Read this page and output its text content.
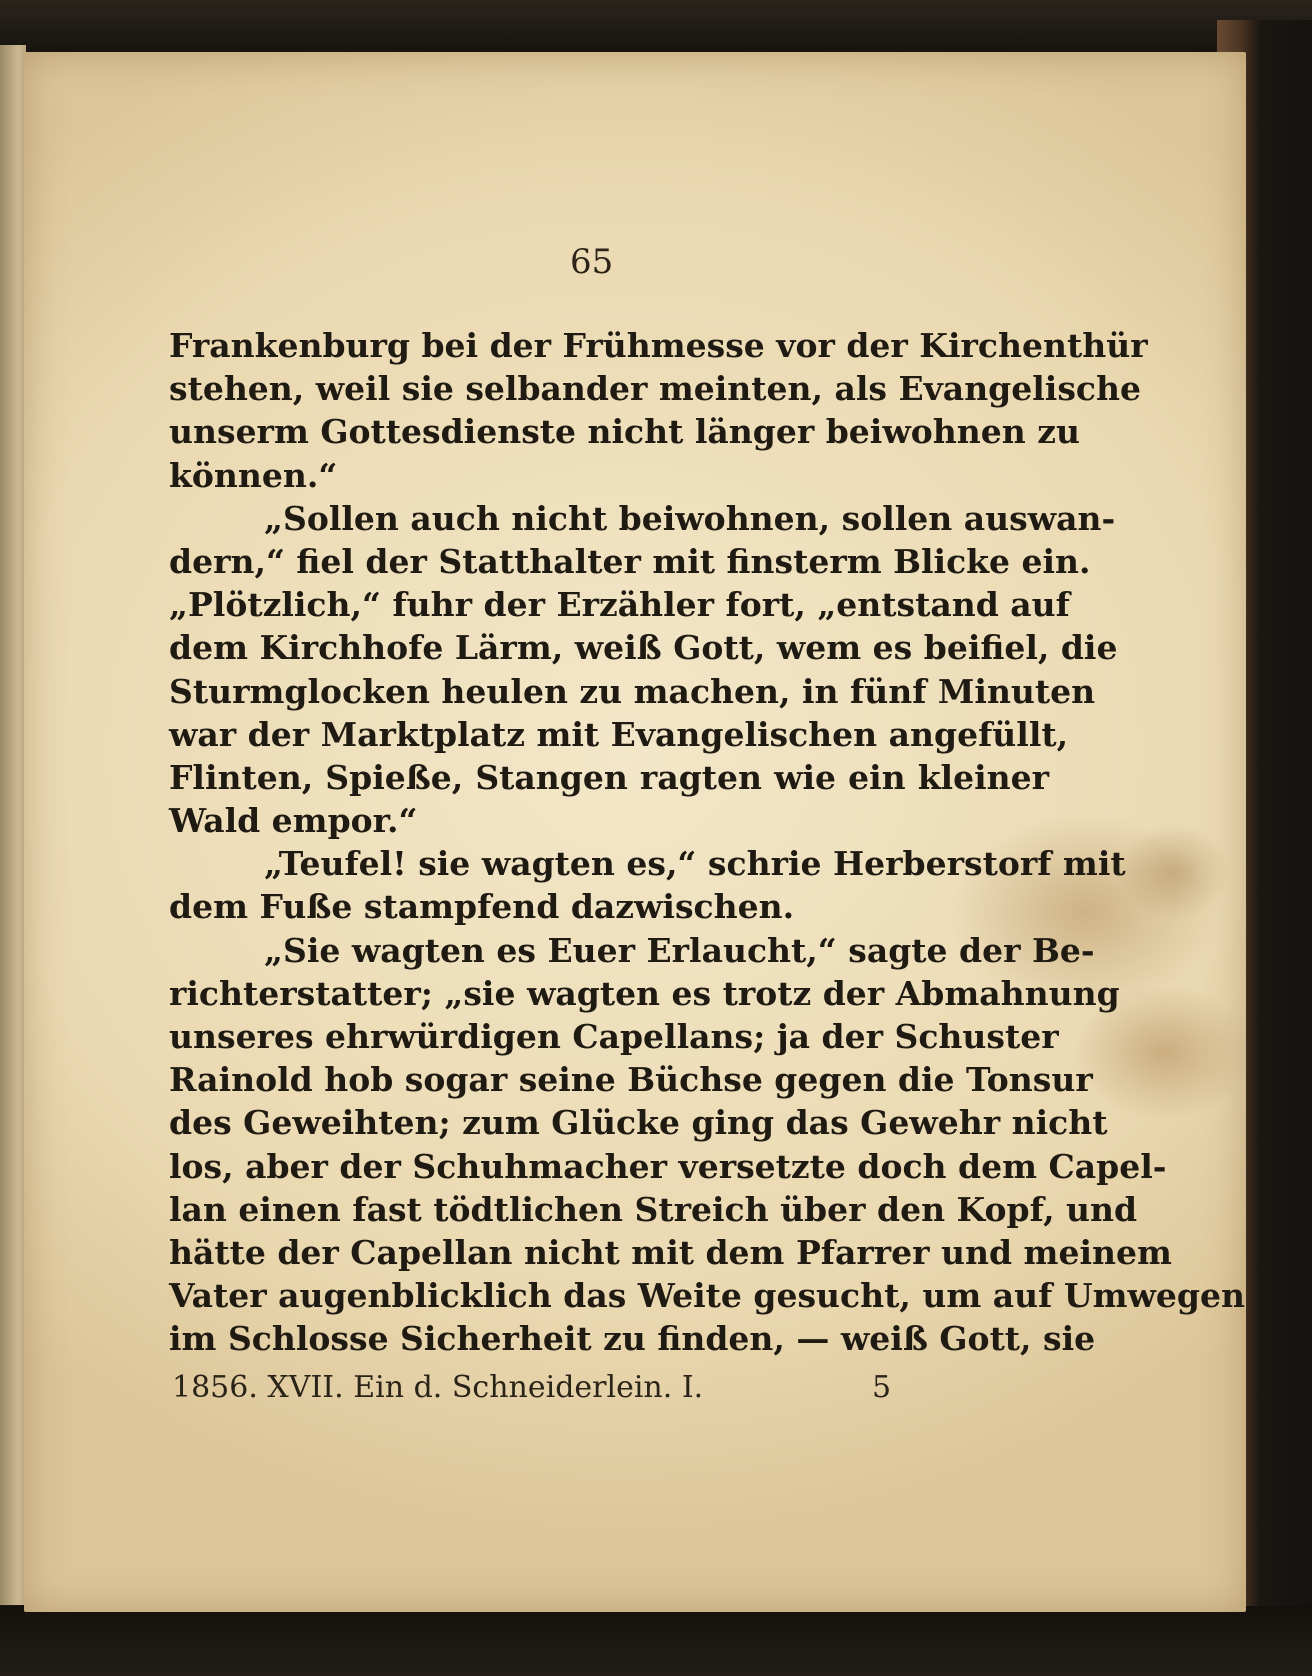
65
Frankenburg bei der Frühmesse vor der Kirchenthür
stehen, weil sie selbander meinten, als Evangelische
unserm Gottesdienste nicht länger beiwohnen zu
können.“
„Sollen auch nicht beiwohnen, sollen auswan-
dern,“ fiel der Statthalter mit finsterm Blicke ein.
„Plötzlich,“ fuhr der Erzähler fort, „entstand auf
dem Kirchhofe Lärm, weiß Gott, wem es beifiel, die
Sturmglocken heulen zu machen, in fünf Minuten
war der Marktplatz mit Evangelischen angefüllt,
Flinten, Spieße, Stangen ragten wie ein kleiner
Wald empor.“
„Teufel! sie wagten es,“ schrie Herberstorf mit
dem Fuße stampfend dazwischen.
„Sie wagten es Euer Erlaucht,“ sagte der Be-
richterstatter; „sie wagten es trotz der Abmahnung
unseres ehrwürdigen Capellans; ja der Schuster
Rainold hob sogar seine Büchse gegen die Tonsur
des Geweihten; zum Glücke ging das Gewehr nicht
los, aber der Schuhmacher versetzte doch dem Capel-
lan einen fast tödtlichen Streich über den Kopf, und
hätte der Capellan nicht mit dem Pfarrer und meinem
Vater augenblicklich das Weite gesucht, um auf Umwegen
im Schlosse Sicherheit zu finden, — weiß Gott, sie
1856. XVII. Ein d. Schneiderlein. I.	5
